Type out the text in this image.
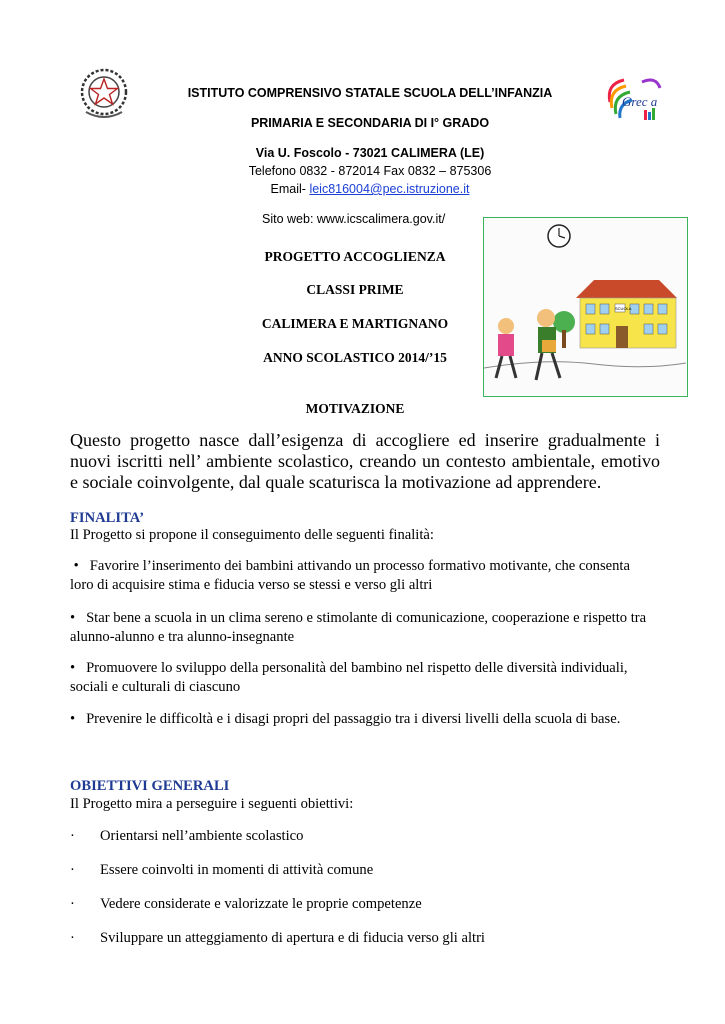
Grec a
ISTITUTO COMPRENSIVO STATALE SCUOLA DELL’INFANZIA
PRIMARIA E SECONDARIA DI I° GRADO
Via U. Foscolo - 73021 CALIMERA (LE)
Telefono 0832 - 872014 Fax 0832 – 875306
Email- leic816004@pec.istruzione.it
Sito web: www.icscalimera.gov.it/
PROGETTO ACCOGLIENZA
CLASSI PRIME
CALIMERA E MARTIGNANO
ANNO SCOLASTICO 2014/’15
MOTIVAZIONE
SCUOLA
Questo progetto nasce dall’esigenza di accogliere ed inserire gradualmente i nuovi iscritti nell’ ambiente scolastico, creando un contesto ambientale, emotivo e sociale coinvolgente, dal quale scaturisca la motivazione ad apprendere.
FINALITA’
Il Progetto si propone il conseguimento delle seguenti finalità:
• Favorire l’inserimento dei bambini attivando un processo formativo motivante, che consenta
loro di acquisire stima e fiducia verso se stessi e verso gli altri
• Star bene a scuola in un clima sereno e stimolante di comunicazione, cooperazione e rispetto tra
alunno-alunno e tra alunno-insegnante
• Promuovere lo sviluppo della personalità del bambino nel rispetto delle diversità individuali,
sociali e culturali di ciascuno
• Prevenire le difficoltà e i disagi propri del passaggio tra i diversi livelli della scuola di base.
OBIETTIVI GENERALI
Il Progetto mira a perseguire i seguenti obiettivi:
· Orientarsi nell’ambiente scolastico
· Essere coinvolti in momenti di attività comune
· Vedere considerate e valorizzate le proprie competenze
· Sviluppare un atteggiamento di apertura e di fiducia verso gli altri
